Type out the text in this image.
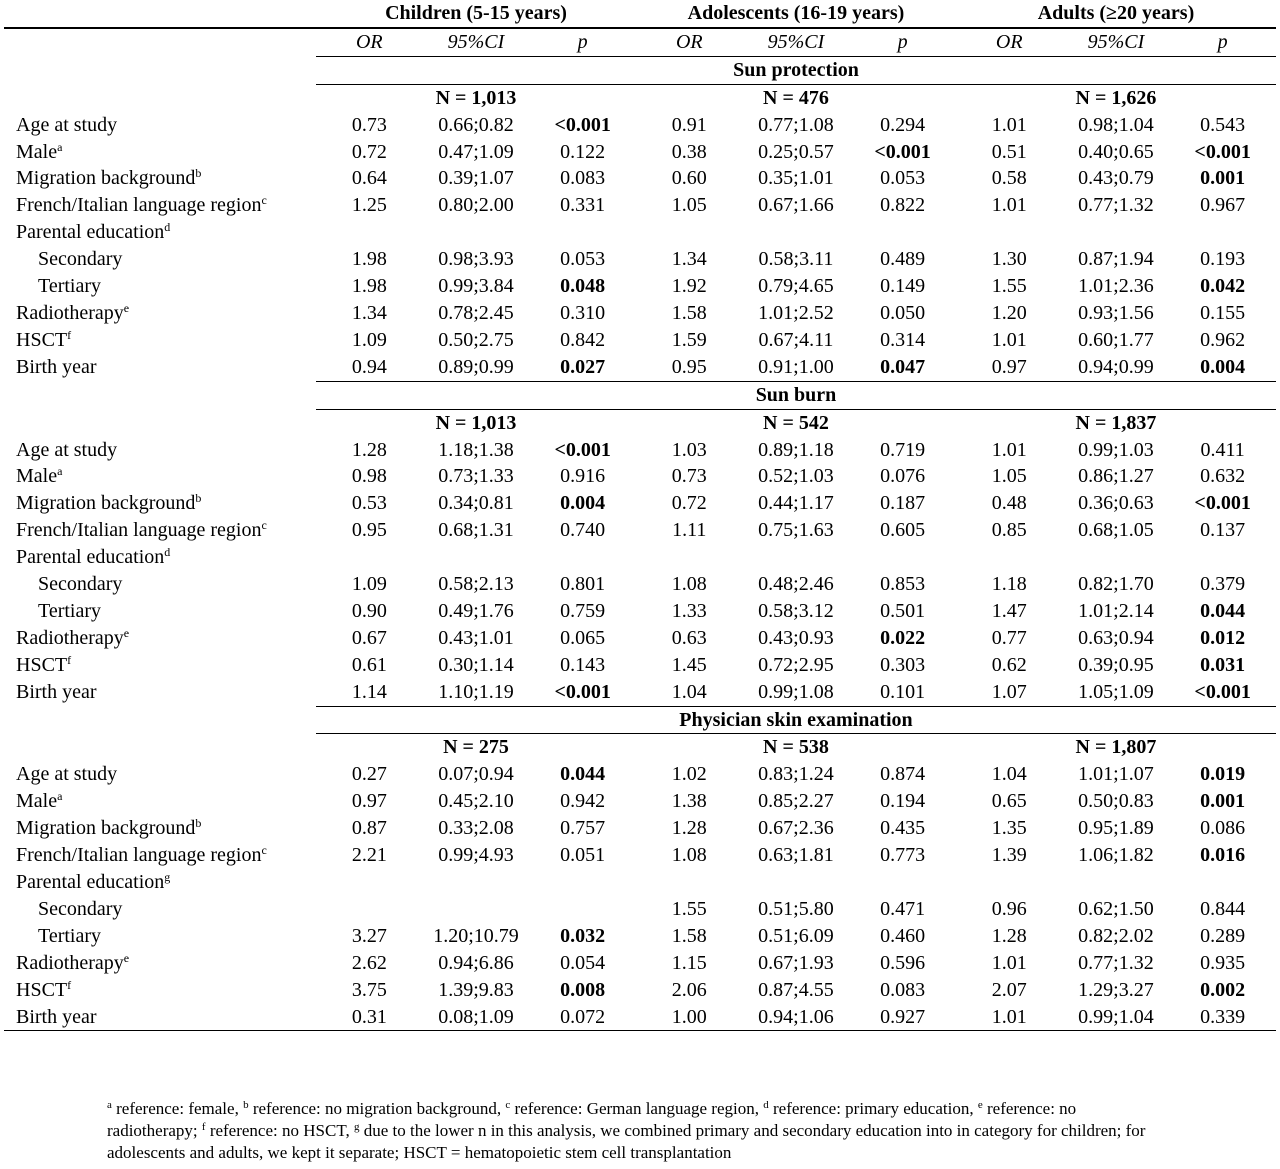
	Children (5-15 years)			Adolescents (16-19 years)			Adults (≥20 years)		
	OR	95%CI	p	OR	95%CI	p	OR	95%CI	p
	Sun protection								
	N = 1,013			N = 476			N = 1,626		
Age at study	0.73	0.66;0.82	<0.001	0.91	0.77;1.08	0.294	1.01	0.98;1.04	0.543
Male$^a$	0.72	0.47;1.09	0.122	0.38	0.25;0.57	<0.001	0.51	0.40;0.65	<0.001
Migration background$^b$	0.64	0.39;1.07	0.083	0.60	0.35;1.01	0.053	0.58	0.43;0.79	0.001
French/Italian language region$^c$	1.25	0.80;2.00	0.331	1.05	0.67;1.66	0.822	1.01	0.77;1.32	0.967
Parental education$^d$									
Secondary	1.98	0.98;3.93	0.053	1.34	0.58;3.11	0.489	1.30	0.87;1.94	0.193
Tertiary	1.98	0.99;3.84	0.048	1.92	0.79;4.65	0.149	1.55	1.01;2.36	0.042
Radiotherapy$^e$	1.34	0.78;2.45	0.310	1.58	1.01;2.52	0.050	1.20	0.93;1.56	0.155
HSCT$^f$	1.09	0.50;2.75	0.842	1.59	0.67;4.11	0.314	1.01	0.60;1.77	0.962
Birth year	0.94	0.89;0.99	0.027	0.95	0.91;1.00	0.047	0.97	0.94;0.99	0.004
	Sun burn								
	N = 1,013			N = 542			N = 1,837		
Age at study	1.28	1.18;1.38	<0.001	1.03	0.89;1.18	0.719	1.01	0.99;1.03	0.411
Male$^a$	0.98	0.73;1.33	0.916	0.73	0.52;1.03	0.076	1.05	0.86;1.27	0.632
Migration background$^b$	0.53	0.34;0.81	0.004	0.72	0.44;1.17	0.187	0.48	0.36;0.63	<0.001
French/Italian language region$^c$	0.95	0.68;1.31	0.740	1.11	0.75;1.63	0.605	0.85	0.68;1.05	0.137
Parental education$^d$									
Secondary	1.09	0.58;2.13	0.801	1.08	0.48;2.46	0.853	1.18	0.82;1.70	0.379
Tertiary	0.90	0.49;1.76	0.759	1.33	0.58;3.12	0.501	1.47	1.01;2.14	0.044
Radiotherapy$^e$	0.67	0.43;1.01	0.065	0.63	0.43;0.93	0.022	0.77	0.63;0.94	0.012
HSCT$^f$	0.61	0.30;1.14	0.143	1.45	0.72;2.95	0.303	0.62	0.39;0.95	0.031
Birth year	1.14	1.10;1.19	<0.001	1.04	0.99;1.08	0.101	1.07	1.05;1.09	<0.001
	Physician skin examination								
	N = 275			N = 538			N = 1,807		
Age at study	0.27	0.07;0.94	0.044	1.02	0.83;1.24	0.874	1.04	1.01;1.07	0.019
Male$^a$	0.97	0.45;2.10	0.942	1.38	0.85;2.27	0.194	0.65	0.50;0.83	0.001
Migration background$^b$	0.87	0.33;2.08	0.757	1.28	0.67;2.36	0.435	1.35	0.95;1.89	0.086
French/Italian language region$^c$	2.21	0.99;4.93	0.051	1.08	0.63;1.81	0.773	1.39	1.06;1.82	0.016
Parental education$^g$									
Secondary				1.55	0.51;5.80	0.471	0.96	0.62;1.50	0.844
Tertiary	3.27	1.20;10.79	0.032	1.58	0.51;6.09	0.460	1.28	0.82;2.02	0.289
Radiotherapy$^e$	2.62	0.94;6.86	0.054	1.15	0.67;1.93	0.596	1.01	0.77;1.32	0.935
HSCT$^f$	3.75	1.39;9.83	0.008	2.06	0.87;4.55	0.083	2.07	1.29;3.27	0.002
Birth year	0.31	0.08;1.09	0.072	1.00	0.94;1.06	0.927	1.01	0.99;1.04	0.339
$^a$ reference: female, $^b$ reference: no migration background, $^c$ reference: German language region, $^d$ reference: primary education, $^e$ reference: no radiotherapy; $^f$ reference: no HSCT, $^g$ due to the lower n in this analysis, we combined primary and secondary education into in category for children; for adolescents and adults, we kept it separate; HSCT = hematopoietic stem cell transplantation
